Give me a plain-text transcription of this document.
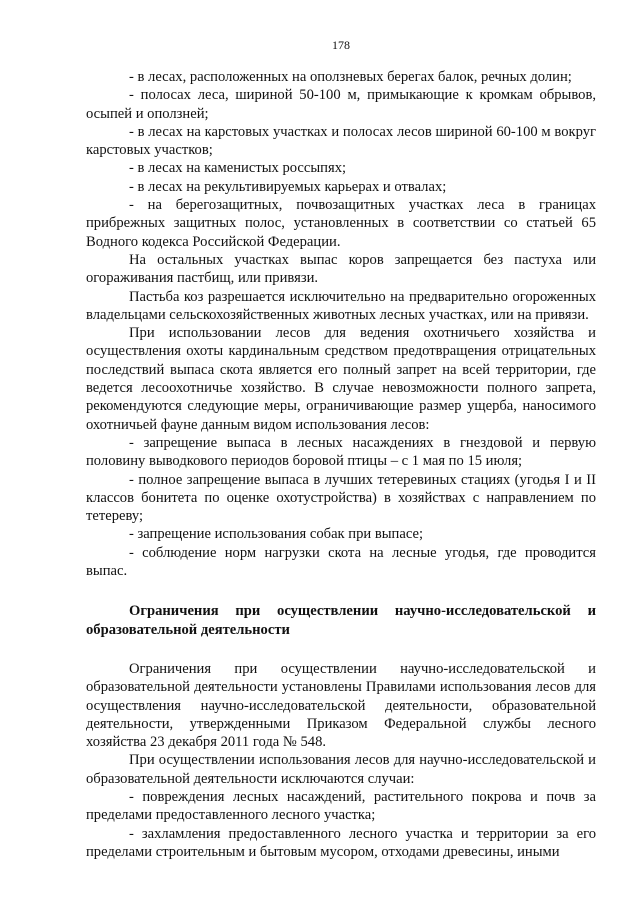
178

- в лесах, расположенных на оползневых берегах балок, речных долин;

- полосах леса, шириной 50-100 м, примыкающие к кромкам обрывов, осыпей и оползней;

- в лесах на карстовых участках и полосах лесов шириной 60-100 м вокруг карстовых участков;

- в лесах на каменистых россыпях;

- в лесах на рекультивируемых карьерах и отвалах;

- на берегозащитных, почвозащитных участках леса в границах прибрежных защитных полос, установленных в соответствии со статьей 65 Водного кодекса Российской Федерации.

На остальных участках выпас коров запрещается без пастуха или огораживания пастбищ, или привязи.

Пастьба коз разрешается исключительно на предварительно огороженных владельцами сельскохозяйственных животных лесных участках, или на привязи.

При использовании лесов для ведения охотничьего хозяйства и осуществления охоты кардинальным средством предотвращения отрицательных последствий выпаса скота является его полный запрет на всей территории, где ведется лесоохотничье хозяйство. В случае невозможности полного запрета, рекомендуются следующие меры, ограничивающие размер ущерба, наносимого охотничьей фауне данным видом использования лесов:

- запрещение выпаса в лесных насаждениях в гнездовой и первую половину выводкового периодов боровой птицы – с 1 мая по 15 июля;

- полное запрещение выпаса в лучших тетеревиных стациях (угодья I и II классов бонитета по оценке охотустройства) в хозяйствах с направлением по тетереву;

- запрещение использования собак при выпасе;

- соблюдение норм нагрузки скота на лесные угодья, где проводится выпас.

Ограничения при осуществлении научно-исследовательской и образовательной деятельности

Ограничения при осуществлении научно-исследовательской и образовательной деятельности установлены Правилами использования лесов для осуществления научно-исследовательской деятельности, образовательной деятельности, утвержденными Приказом Федеральной службы лесного хозяйства 23 декабря 2011 года № 548.

При осуществлении использования лесов для научно-исследовательской и образовательной деятельности исключаются случаи:

- повреждения лесных насаждений, растительного покрова и почв за пределами предоставленного лесного участка;

- захламления предоставленного лесного участка и территории за его пределами строительным и бытовым мусором, отходами древесины, иными
